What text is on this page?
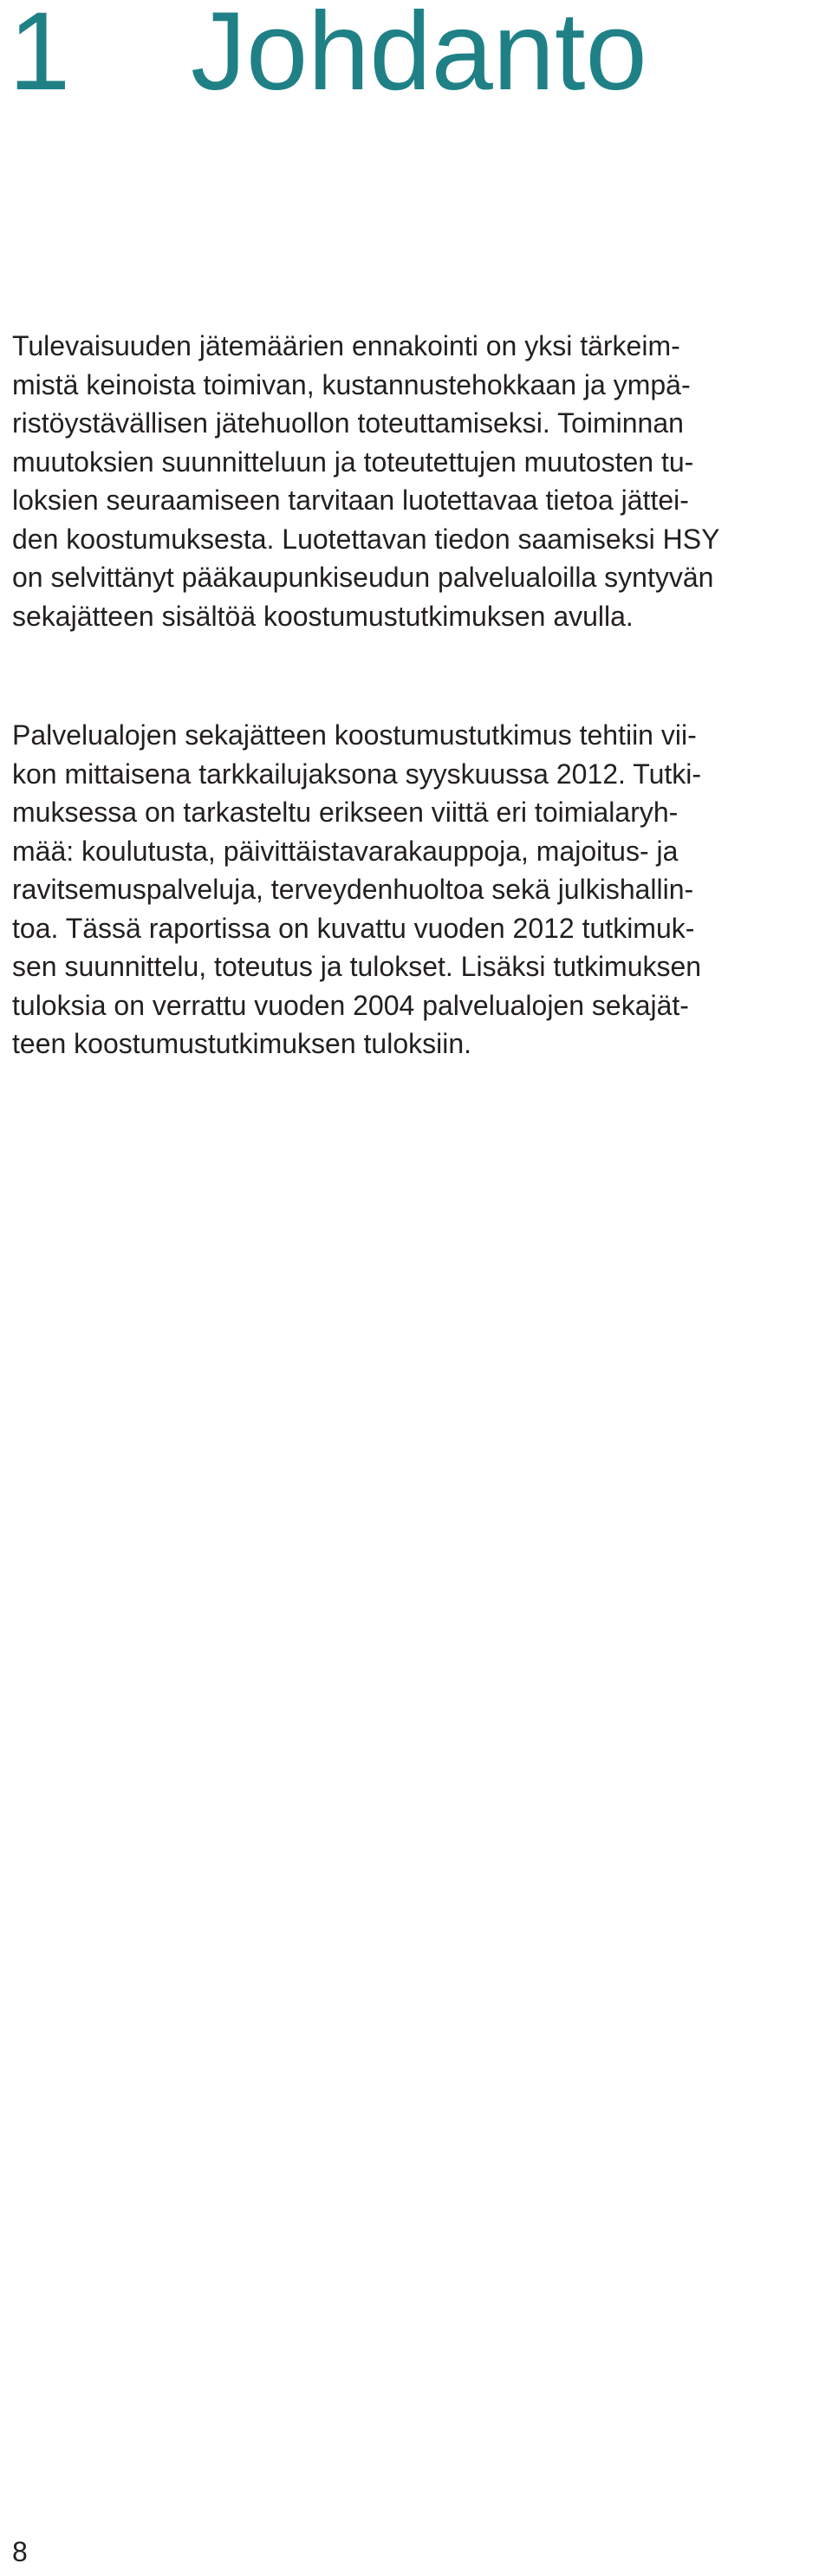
1 Johdanto

Tulevaisuuden jätemäärien ennakointi on yksi tärkeim-
mistä keinoista toimivan, kustannustehokkaan ja ympä-
ristöystävällisen jätehuollon toteuttamiseksi. Toiminnan
muutoksien suunnitteluun ja toteutettujen muutosten tu-
loksien seuraamiseen tarvitaan luotettavaa tietoa jättei-
den koostumuksesta. Luotettavan tiedon saamiseksi HSY
on selvittänyt pääkaupunkiseudun palvelualoilla syntyvän
sekajätteen sisältöä koostumustutkimuksen avulla.

Palvelualojen sekajätteen koostumustutkimus tehtiin vii-
kon mittaisena tarkkailujaksona syyskuussa 2012. Tutki-
muksessa on tarkasteltu erikseen viittä eri toimialaryh-
mää: koulutusta, päivittäistavarakauppoja, majoitus- ja
ravitsemuspalveluja, terveydenhuoltoa sekä julkishallin-
toa. Tässä raportissa on kuvattu vuoden 2012 tutkimuk-
sen suunnittelu, toteutus ja tulokset. Lisäksi tutkimuksen
tuloksia on verrattu vuoden 2004 palvelualojen sekajät-
teen koostumustutkimuksen tuloksiin.

8
